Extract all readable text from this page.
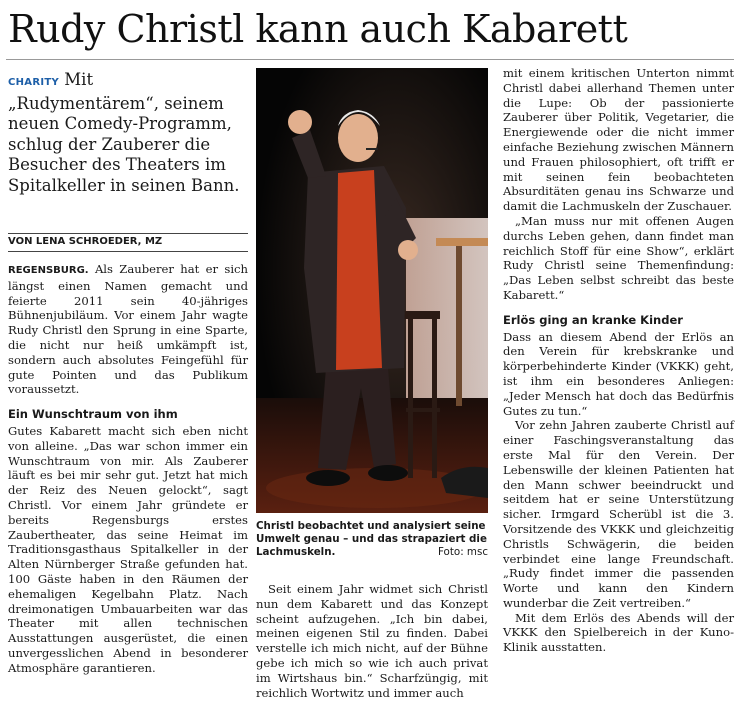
Rudy Christl kann auch Kabarett
CHARITY Mit „Rudymentärem“, seinem neuen Comedy-Programm, schlug der Zauberer die Besucher des Theaters im Spitalkeller in seinen Bann.
VON LENA SCHROEDER, MZ

REGENSBURG. Als Zauberer hat er sich längst einen Namen gemacht und feierte 2011 sein 40-jähriges Bühnenjubiläum. Vor einem Jahr wagte Rudy Christl den Sprung in eine Sparte, die nicht nur heiß umkämpft ist, sondern auch absolutes Feingefühl für gute Pointen und das Publikum voraussetzt.

Ein Wunschtraum von ihm

Gutes Kabarett macht sich eben nicht von alleine. „Das war schon immer ein Wunschtraum von mir. Als Zauberer läuft es bei mir sehr gut. Jetzt hat mich der Reiz des Neuen gelockt“, sagt Christl. Vor einem Jahr gründete er bereits Regensburgs erstes Zaubertheater, das seine Heimat im Traditionsgasthaus Spitalkeller in der Alten Nürnberger Straße gefunden hat. 100 Gäste haben in den Räumen der ehemaligen Kegelbahn Platz. Nach dreimonatigen Umbauarbeiten war das Theater mit allen technischen Ausstattungen ausgerüstet, die einen unvergesslichen Abend in besonderer Atmosphäre garantieren.

Christl beobachtet und analysiert seine Umwelt genau – und das strapaziert die Lachmuskeln.	Foto: msc

Seit einem Jahr widmet sich Christl nun dem Kabarett und das Konzept scheint aufzugehen. „Ich bin dabei, meinen eigenen Stil zu finden. Dabei verstelle ich mich nicht, auf der Bühne gebe ich mich so wie ich auch privat im Wirtshaus bin.“ Scharfzüngig, mit reichlich Wortwitz und immer auch

mit einem kritischen Unterton nimmt Christl dabei allerhand Themen unter die Lupe: Ob der passionierte Zauberer über Politik, Vegetarier, die Energiewende oder die nicht immer einfache Beziehung zwischen Männern und Frauen philosophiert, oft trifft er mit seinen fein beobachteten Absurditäten genau ins Schwarze und damit die Lachmuskeln der Zuschauer.

„Man muss nur mit offenen Augen durchs Leben gehen, dann findet man reichlich Stoff für eine Show“, erklärt Rudy Christl seine Themenfindung: „Das Leben selbst schreibt das beste Kabarett.“

Erlös ging an kranke Kinder

Dass an diesem Abend der Erlös an den Verein für krebskranke und körperbehinderte Kinder (VKKK) geht, ist ihm ein besonderes Anliegen: „Jeder Mensch hat doch das Bedürfnis Gutes zu tun.“

Vor zehn Jahren zauberte Christl auf einer Faschingsveranstaltung das erste Mal für den Verein. Der Lebenswille der kleinen Patienten hat den Mann schwer beeindruckt und seitdem hat er seine Unterstützung sicher. Irmgard Scherübl ist die 3. Vorsitzende des VKKK und gleichzeitig Christls Schwägerin, die beiden verbindet eine lange Freundschaft. „Rudy findet immer die passenden Worte und kann den Kindern wunderbar die Zeit vertreiben.“

Mit dem Erlös des Abends will der VKKK den Spielbereich in der Kuno-Klinik ausstatten.
